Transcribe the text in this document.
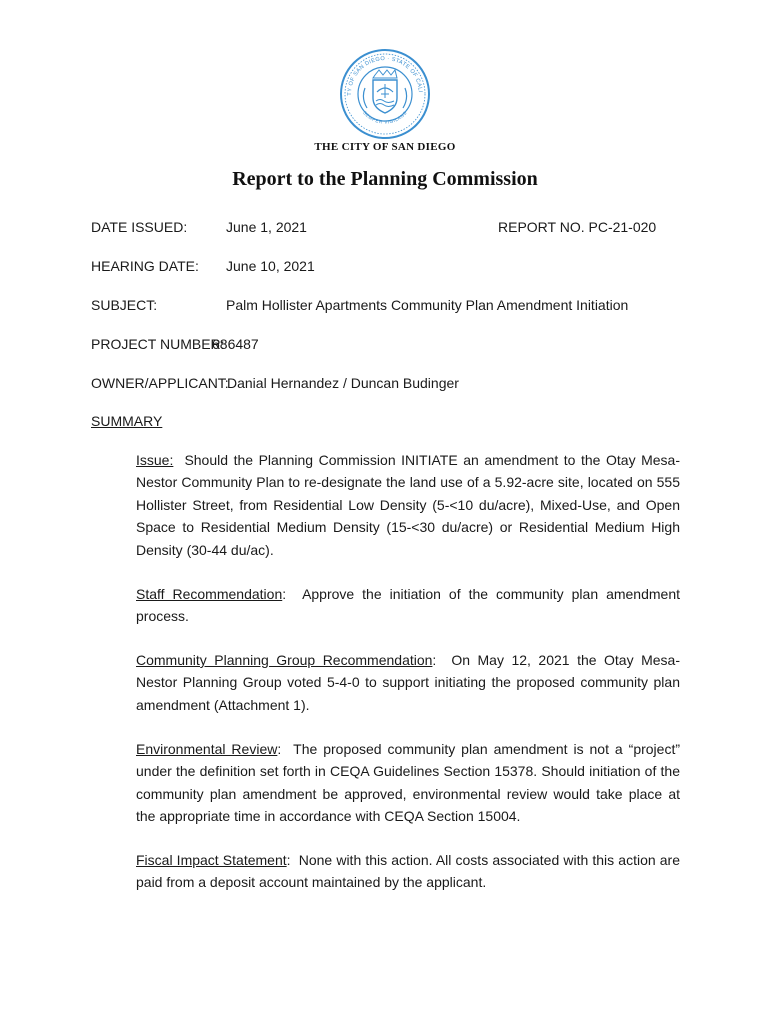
TY OF SAN DIEGO · STATE OF CALI
SEMPER VIGILANS
THE CITY OF SAN DIEGO
Report to the Planning Commission
DATE ISSUED:	June 1, 2021	REPORT NO. PC-21-020
HEARING DATE: June 10, 2021
SUBJECT:	Palm Hollister Apartments Community Plan Amendment Initiation
PROJECT NUMBER:
686487
OWNER/APPLICANT:
Danial Hernandez / Duncan Budinger
SUMMARY

Issue: Should the Planning Commission INITIATE an amendment to the Otay Mesa-Nestor Community Plan to re-designate the land use of a 5.92-acre site, located on 555 Hollister Street, from Residential Low Density (5-<10 du/acre), Mixed-Use, and Open Space to Residential Medium Density (15-<30 du/acre) or Residential Medium High Density (30-44 du/ac).

Staff Recommendation:  Approve the initiation of the community plan amendment process.

Community Planning Group Recommendation:  On May 12, 2021 the Otay Mesa-Nestor Planning Group voted 5-4-0 to support initiating the proposed community plan amendment (Attachment 1).

Environmental Review:  The proposed community plan amendment is not a “project” under the definition set forth in CEQA Guidelines Section 15378. Should initiation of the community plan amendment be approved, environmental review would take place at the appropriate time in accordance with CEQA Section 15004.

Fiscal Impact Statement:  None with this action. All costs associated with this action are paid from a deposit account maintained by the applicant.
